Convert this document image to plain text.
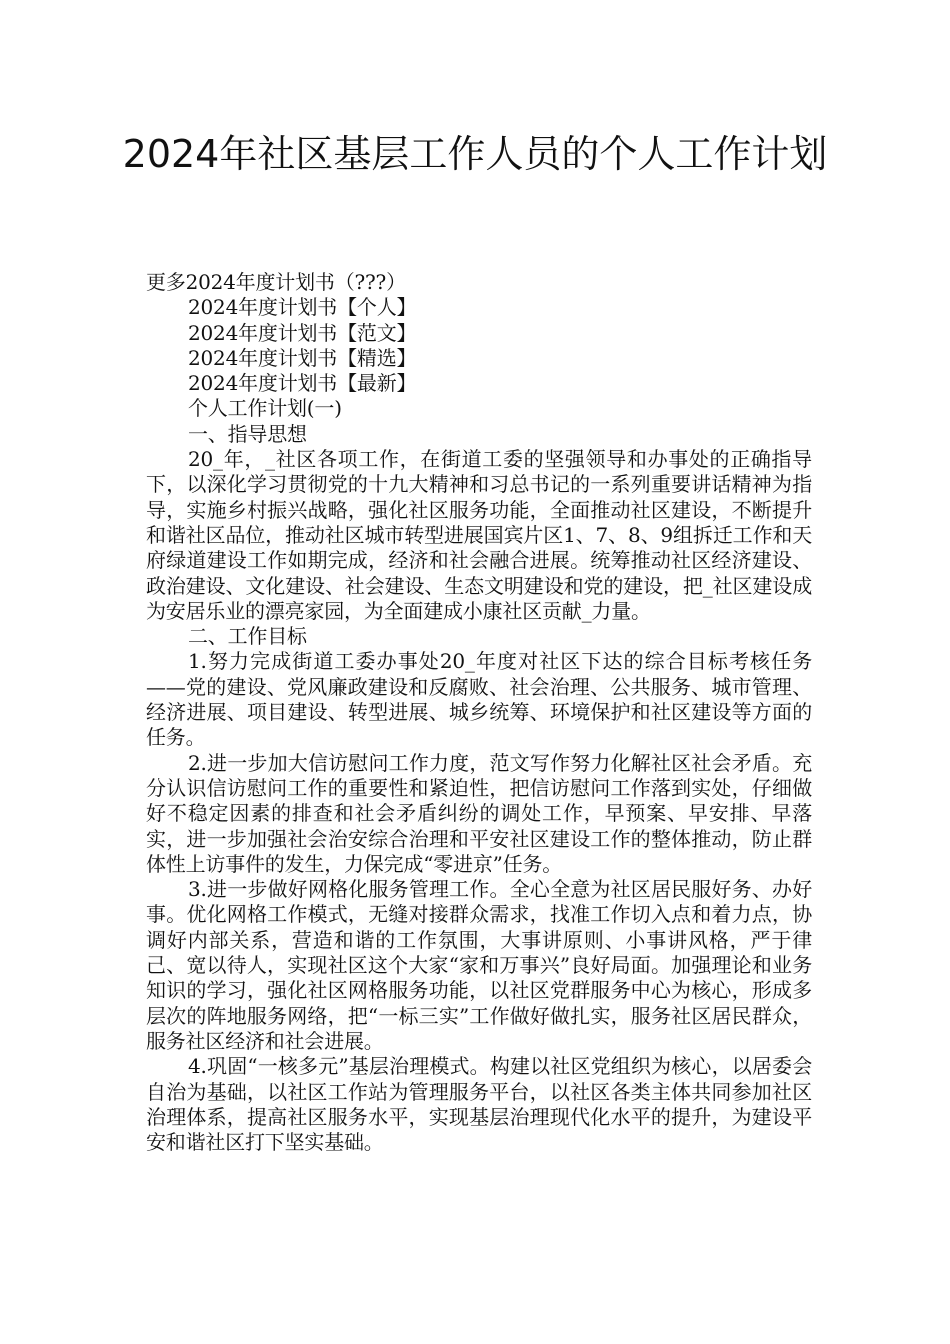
2024年社区基层工作人员的个人工作计划

更多2024年度计划书（???）

2024年度计划书【个人】

2024年度计划书【范文】

2024年度计划书【精选】

2024年度计划书【最新】

个人工作计划(一)

一、指导思想

20_年，_社区各项工作，在街道工委的坚强领导和办事处的正确指导下，以深化学习贯彻党的十九大精神和习总书记的一系列重要讲话精神为指导，实施乡村振兴战略，强化社区服务功能，全面推动社区建设，不断提升和谐社区品位，推动社区城市转型进展国宾片区1、7、8、9组拆迁工作和天府绿道建设工作如期完成，经济和社会融合进展。统筹推动社区经济建设、政治建设、文化建设、社会建设、生态文明建设和党的建设，把_社区建设成为安居乐业的漂亮家园，为全面建成小康社区贡献_力量。

二、工作目标

1.努力完成街道工委办事处20_年度对社区下达的综合目标考核任务——党的建设、党风廉政建设和反腐败、社会治理、公共服务、城市管理、经济进展、项目建设、转型进展、城乡统筹、环境保护和社区建设等方面的任务。

2.进一步加大信访慰问工作力度，范文写作努力化解社区社会矛盾。充分认识信访慰问工作的重要性和紧迫性，把信访慰问工作落到实处，仔细做好不稳定因素的排查和社会矛盾纠纷的调处工作，早预案、早安排、早落实，进一步加强社会治安综合治理和平安社区建设工作的整体推动，防止群体性上访事件的发生，力保完成“零进京”任务。

3.进一步做好网格化服务管理工作。全心全意为社区居民服好务、办好事。优化网格工作模式，无缝对接群众需求，找准工作切入点和着力点，协调好内部关系，营造和谐的工作氛围，大事讲原则、小事讲风格，严于律己、宽以待人，实现社区这个大家“家和万事兴”良好局面。加强理论和业务知识的学习，强化社区网格服务功能，以社区党群服务中心为核心，形成多层次的阵地服务网络，把“一标三实”工作做好做扎实，服务社区居民群众，服务社区经济和社会进展。

4.巩固“一核多元”基层治理模式。构建以社区党组织为核心，以居委会自治为基础，以社区工作站为管理服务平台，以社区各类主体共同参加社区治理体系，提高社区服务水平，实现基层治理现代化水平的提升，为建设平安和谐社区打下坚实基础。
